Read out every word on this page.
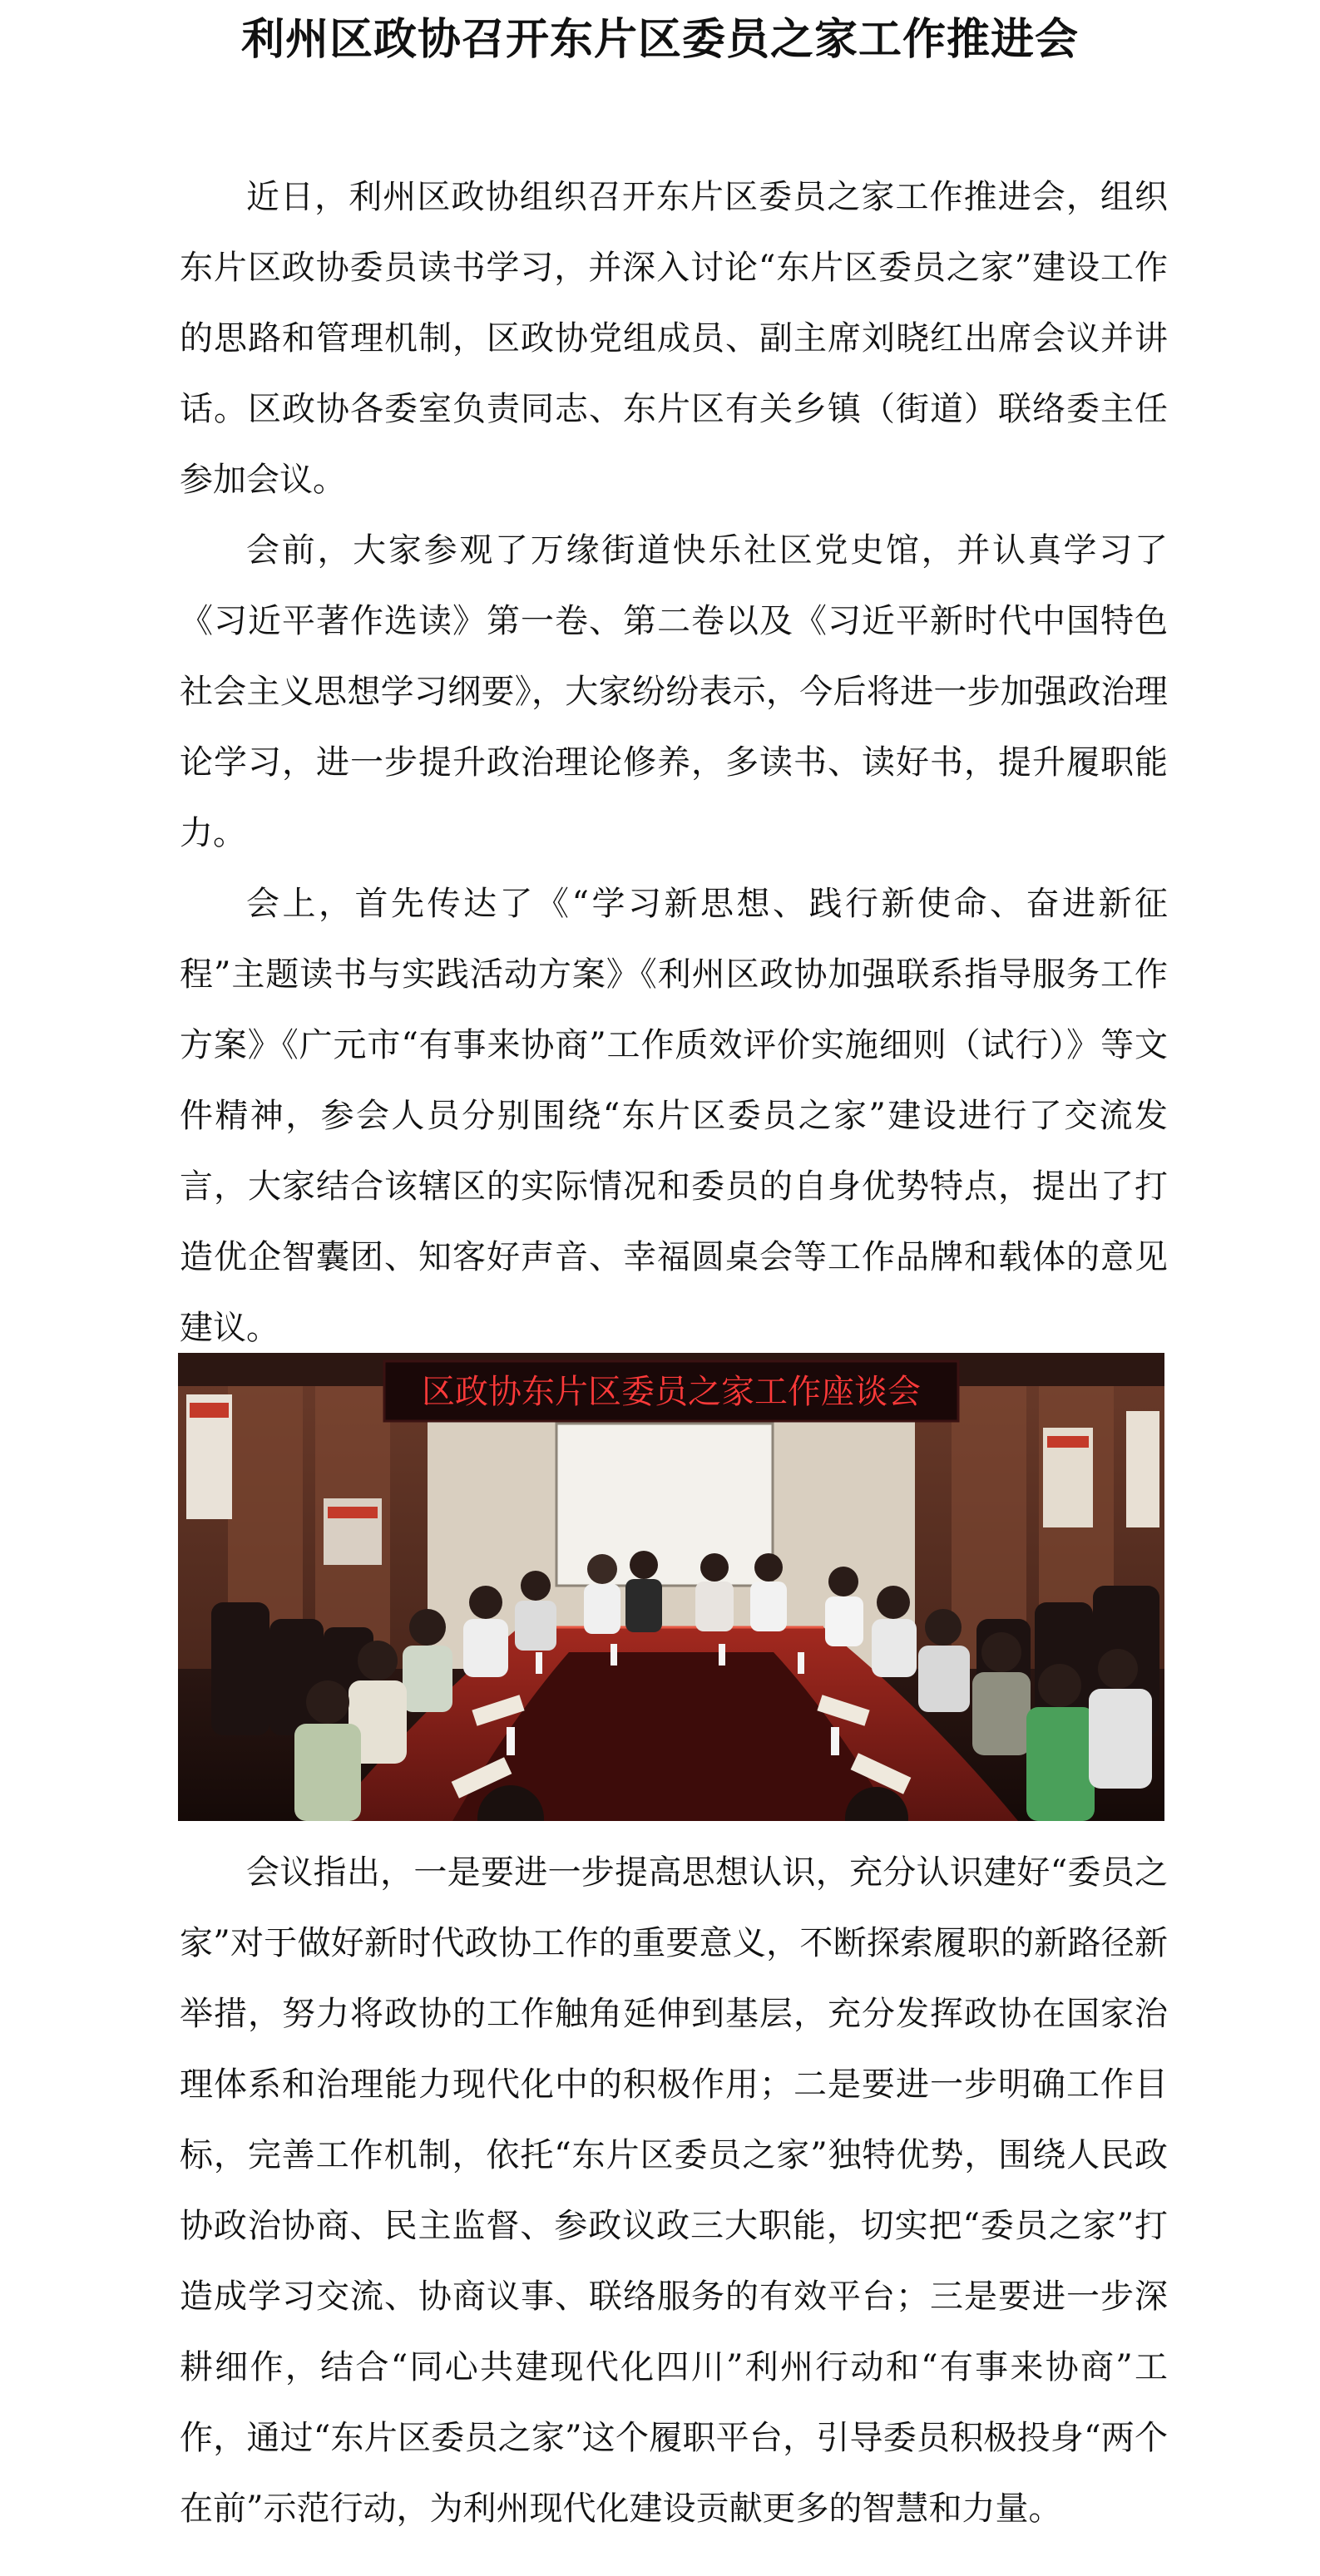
利州区政协召开东片区委员之家工作推进会

近日，利州区政协组织召开东片区委员之家工作推进会，组织东片区政协委员读书学习，并深入讨论“东片区委员之家”建设工作的思路和管理机制，区政协党组成员、副主席刘晓红出席会议并讲话。区政协各委室负责同志、东片区有关乡镇（街道）联络委主任参加会议。

会前，大家参观了万缘街道快乐社区党史馆，并认真学习了《习近平著作选读》第一卷、第二卷以及《习近平新时代中国特色社会主义思想学习纲要》，大家纷纷表示，今后将进一步加强政治理论学习，进一步提升政治理论修养，多读书、读好书，提升履职能力。

会上，首先传达了《“学习新思想、践行新使命、奋进新征程”主题读书与实践活动方案》《利州区政协加强联系指导服务工作方案》《广元市“有事来协商”工作质效评价实施细则（试行）》等文件精神，参会人员分别围绕“东片区委员之家”建设进行了交流发言，大家结合该辖区的实际情况和委员的自身优势特点，提出了打造优企智囊团、知客好声音、幸福圆桌会等工作品牌和载体的意见建议。

区政协东片区委员之家工作座谈会

会议指出，一是要进一步提高思想认识，充分认识建好“委员之家”对于做好新时代政协工作的重要意义，不断探索履职的新路径新举措，努力将政协的工作触角延伸到基层，充分发挥政协在国家治理体系和治理能力现代化中的积极作用；二是要进一步明确工作目标，完善工作机制，依托“东片区委员之家”独特优势，围绕人民政协政治协商、民主监督、参政议政三大职能，切实把“委员之家”打造成学习交流、协商议事、联络服务的有效平台；三是要进一步深耕细作，结合“同心共建现代化四川”利州行动和“有事来协商”工作，通过“东片区委员之家”这个履职平台，引导委员积极投身“两个在前”示范行动，为利州现代化建设贡献更多的智慧和力量。
